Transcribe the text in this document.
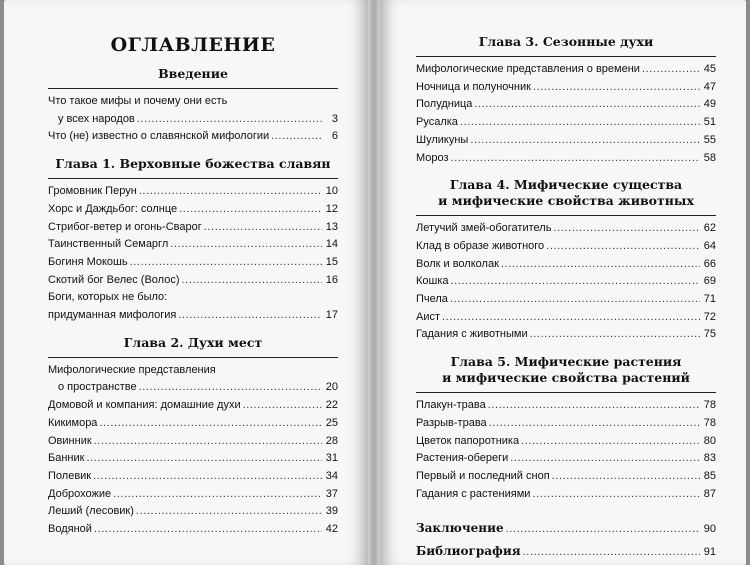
ОГЛАВЛЕНИЕ
Введение
Что такое мифы и почему они есть
у всех народов .....	3
Что (не) известно о славянской мифологии .....	6
Глава 1. Верховные божества славян
Громовник Перун .....	10
Хорс и Даждьбог: солнце .....	12
Стрибог-ветер и огонь-Сварог .....	13
Таинственный Семаргл .....	14
Богиня Мокошь .....	15
Скотий бог Велес (Волос) .....	16
Боги, которых не было:
придуманная мифология .....	17
Глава 2. Духи мест
Мифологические представления
о пространстве .....	20
Домовой и компания: домашние духи .....	22
Кикимора .....	25
Овинник .....	28
Банник .....	31
Полевик .....	34
Доброхожие .....	37
Леший (лесовик) .....	39
Водяной .....	42
Глава 3. Сезонные духи
Мифологические представления о времени .....	45
Ночница и полуночник .....	47
Полудница .....	49
Русалка .....	51
Шуликуны .....	55
Мороз .....	58
Глава 4. Мифические существа
и мифические свойства животных
Летучий змей-обогатитель .....	62
Клад в образе животного .....	64
Волк и волколак .....	66
Кошка .....	69
Пчела .....	71
Аист .....	72
Гадания с животными .....	75
Глава 5. Мифические растения
и мифические свойства растений
Плакун-трава .....	78
Разрыв-трава .....	78
Цветок папоротника .....	80
Растения-обереги .....	83
Первый и последний сноп .....	85
Гадания с растениями .....	87
Заключение .....	90
Библиография .....	91
